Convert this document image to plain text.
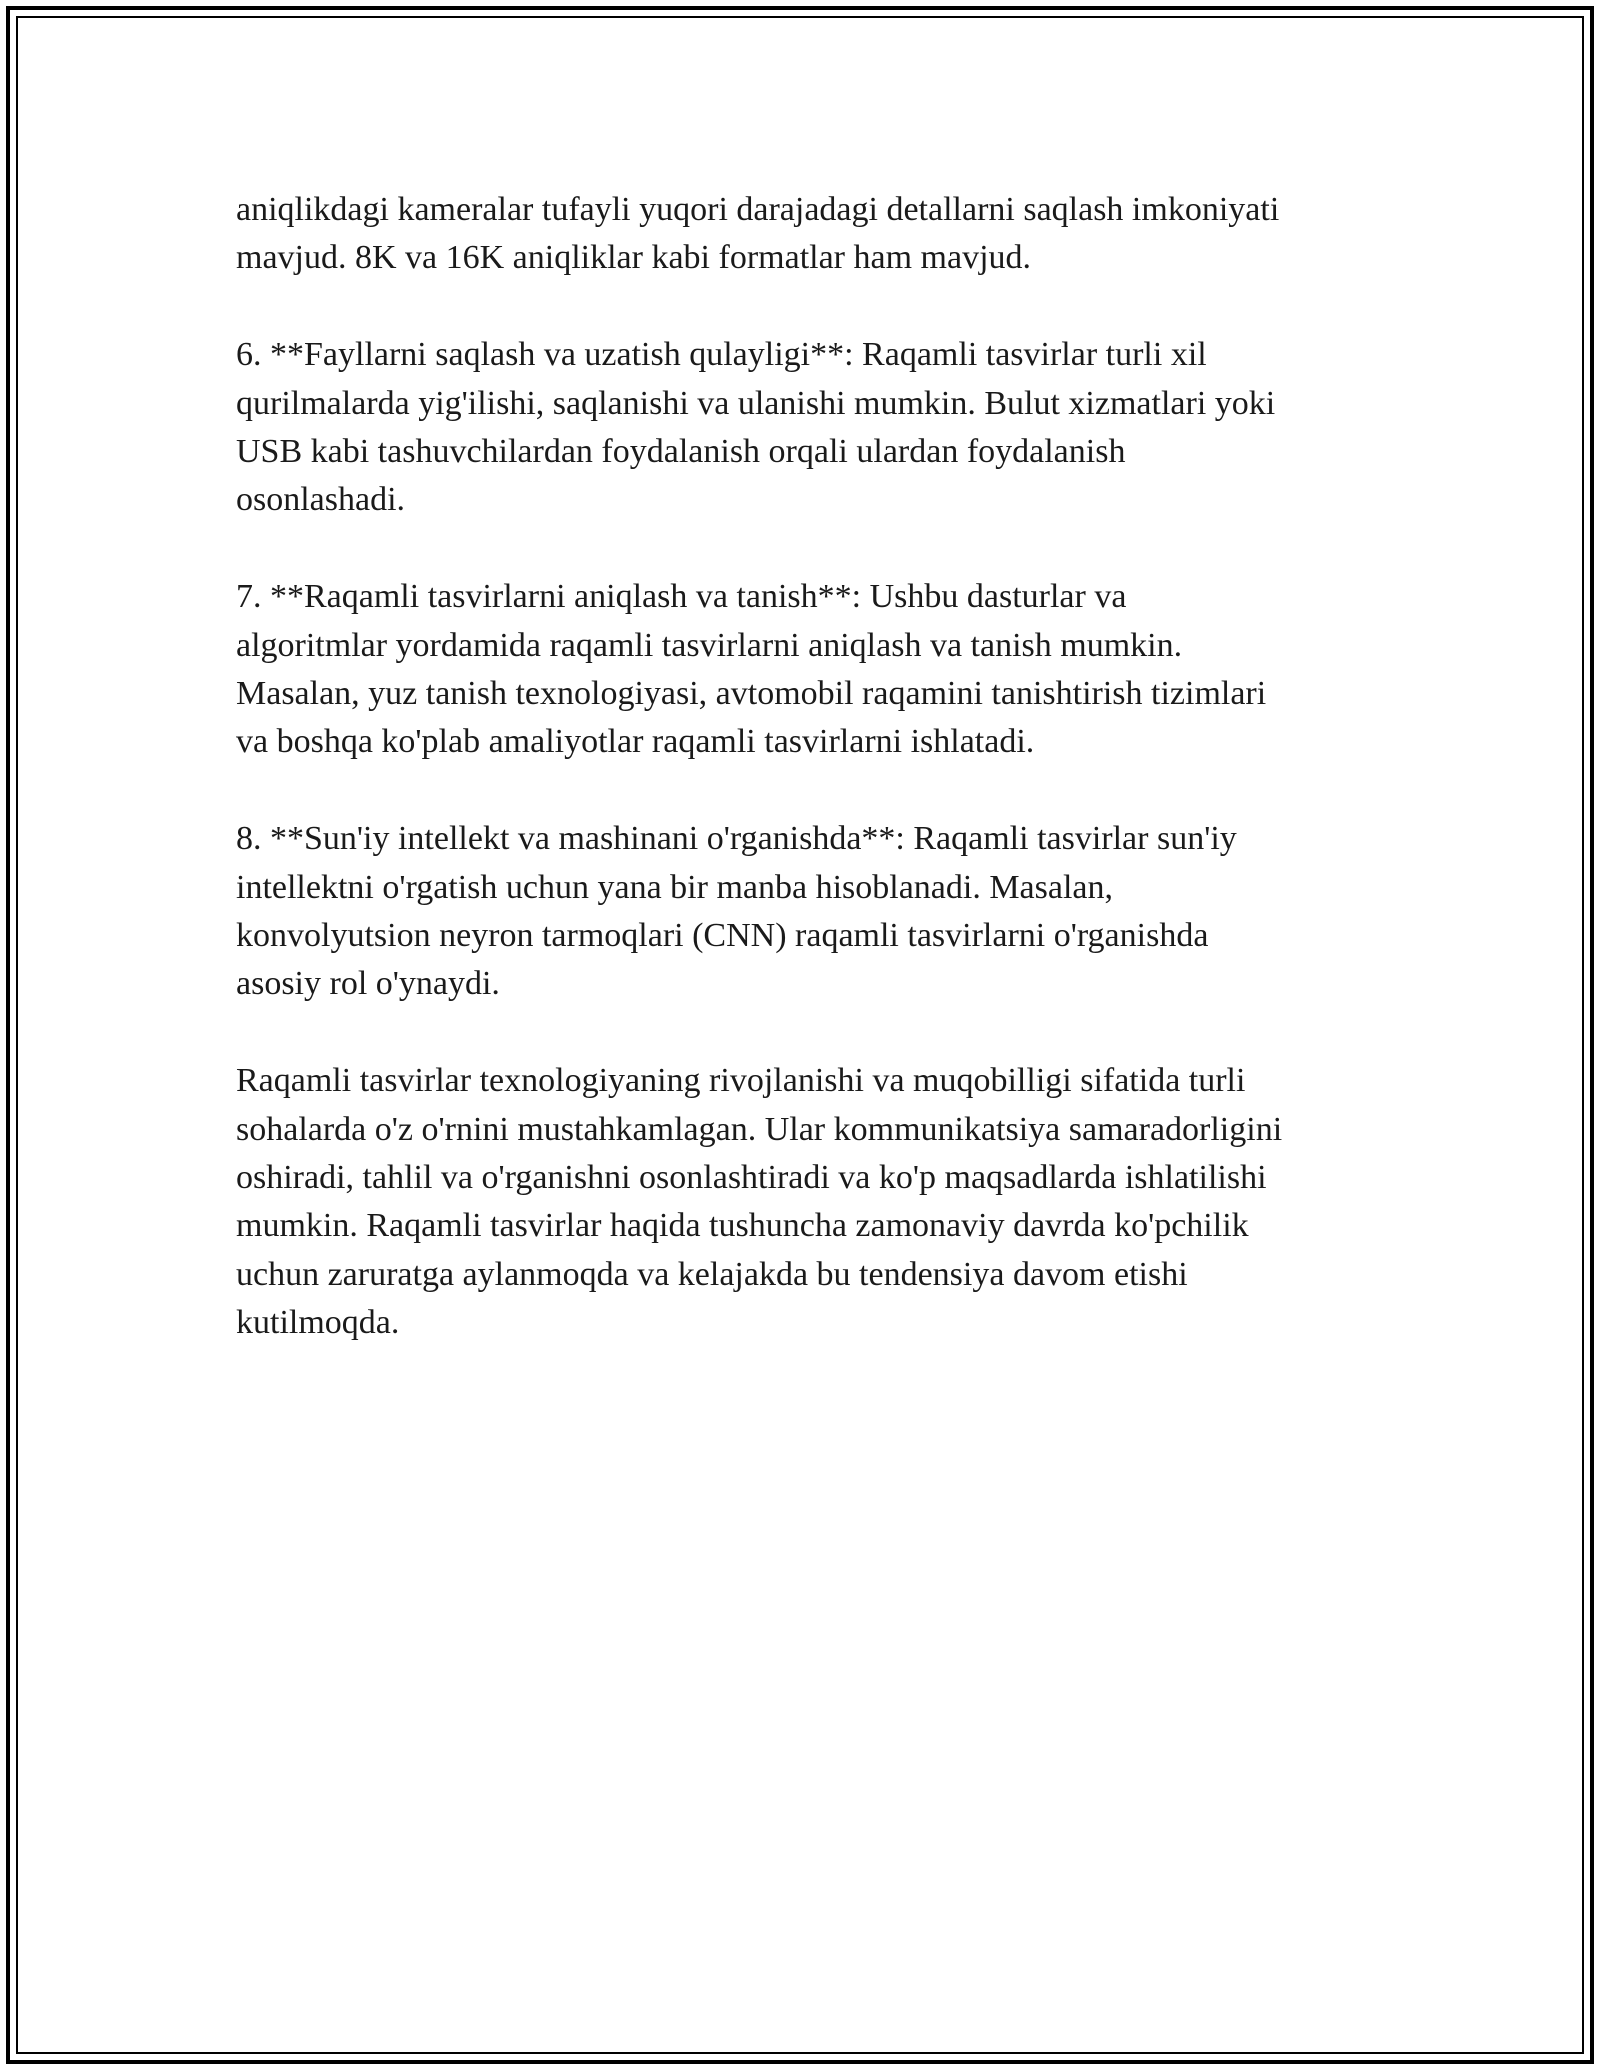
aniqlikdagi kameralar tufayli yuqori darajadagi detallarni saqlash imkoniyati
mavjud. 8K va 16K aniqliklar kabi formatlar ham mavjud.

6. **Fayllarni saqlash va uzatish qulayligi**: Raqamli tasvirlar turli xil
qurilmalarda yig'ilishi, saqlanishi va ulanishi mumkin. Bulut xizmatlari yoki
USB kabi tashuvchilardan foydalanish orqali ulardan foydalanish
osonlashadi.

7. **Raqamli tasvirlarni aniqlash va tanish**: Ushbu dasturlar va
algoritmlar yordamida raqamli tasvirlarni aniqlash va tanish mumkin.
Masalan, yuz tanish texnologiyasi, avtomobil raqamini tanishtirish tizimlari
va boshqa ko'plab amaliyotlar raqamli tasvirlarni ishlatadi.

8. **Sun'iy intellekt va mashinani o'rganishda**: Raqamli tasvirlar sun'iy
intellektni o'rgatish uchun yana bir manba hisoblanadi. Masalan,
konvolyutsion neyron tarmoqlari (CNN) raqamli tasvirlarni o'rganishda
asosiy rol o'ynaydi.

Raqamli tasvirlar texnologiyaning rivojlanishi va muqobilligi sifatida turli
sohalarda o'z o'rnini mustahkamlagan. Ular kommunikatsiya samaradorligini
oshiradi, tahlil va o'rganishni osonlashtiradi va ko'p maqsadlarda ishlatilishi
mumkin. Raqamli tasvirlar haqida tushuncha zamonaviy davrda ko'pchilik
uchun zaruratga aylanmoqda va kelajakda bu tendensiya davom etishi
kutilmoqda.
